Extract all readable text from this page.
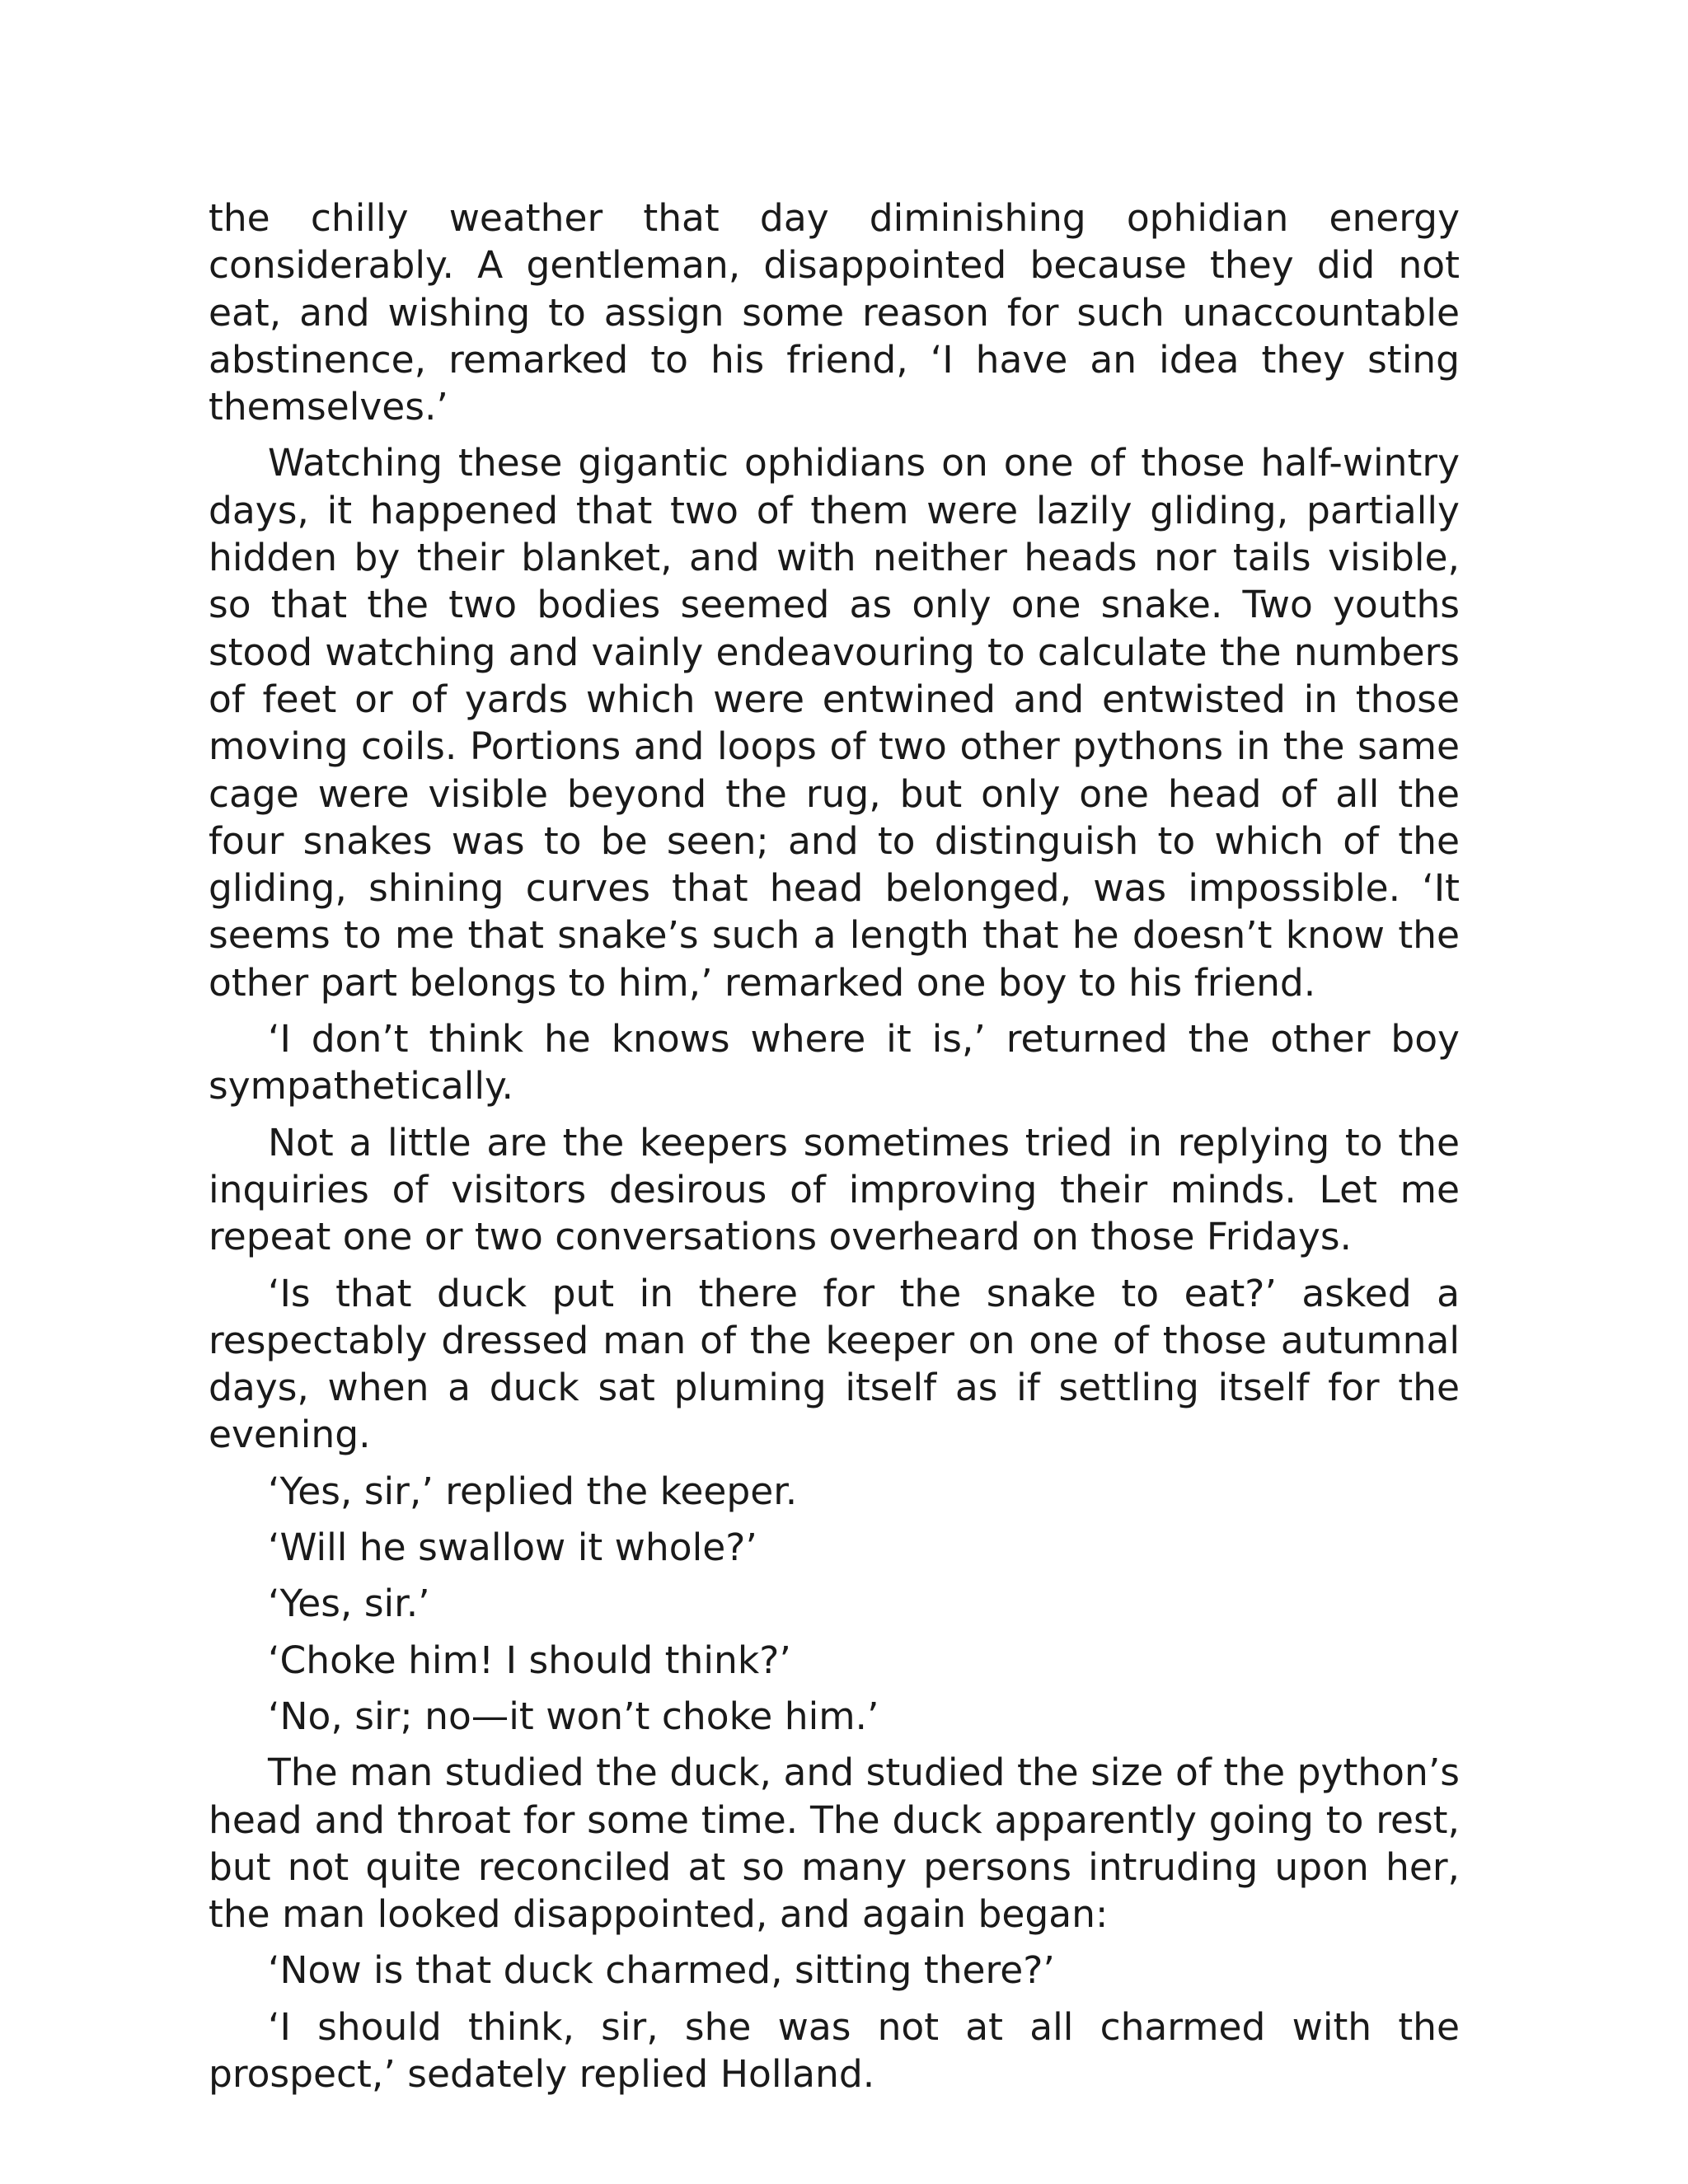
the chilly weather that day diminishing ophidian energy considerably. A gentleman, disappointed because they did not eat, and wishing to assign some reason for such unaccountable abstinence, remarked to his friend, ‘I have an idea they sting themselves.’

Watching these gigantic ophidians on one of those half-wintry days, it happened that two of them were lazily gliding, partially hidden by their blanket, and with neither heads nor tails visible, so that the two bodies seemed as only one snake. Two youths stood watching and vainly endeavouring to calculate the numbers of feet or of yards which were entwined and entwisted in those moving coils. Portions and loops of two other pythons in the same cage were visible beyond the rug, but only one head of all the four snakes was to be seen; and to distinguish to which of the gliding, shining curves that head belonged, was impossible. ‘It seems to me that snake’s such a length that he doesn’t know the other part belongs to him,’ remarked one boy to his friend.

‘I don’t think he knows where it is,’ returned the other boy sympathetically.

Not a little are the keepers sometimes tried in replying to the inquiries of visitors desirous of improving their minds. Let me repeat one or two conversations overheard on those Fridays.

‘Is that duck put in there for the snake to eat?’ asked a respectably dressed man of the keeper on one of those autumnal days, when a duck sat pluming itself as if settling itself for the evening.

‘Yes, sir,’ replied the keeper.

‘Will he swallow it whole?’

‘Yes, sir.’

‘Choke him! I should think?’

‘No, sir; no—it won’t choke him.’

The man studied the duck, and studied the size of the python’s head and throat for some time. The duck apparently going to rest, but not quite reconciled at so many persons intruding upon her, the man looked disappointed, and again began:

‘Now is that duck charmed, sitting there?’

‘I should think, sir, she was not at all charmed with the prospect,’ sedately replied Holland.
